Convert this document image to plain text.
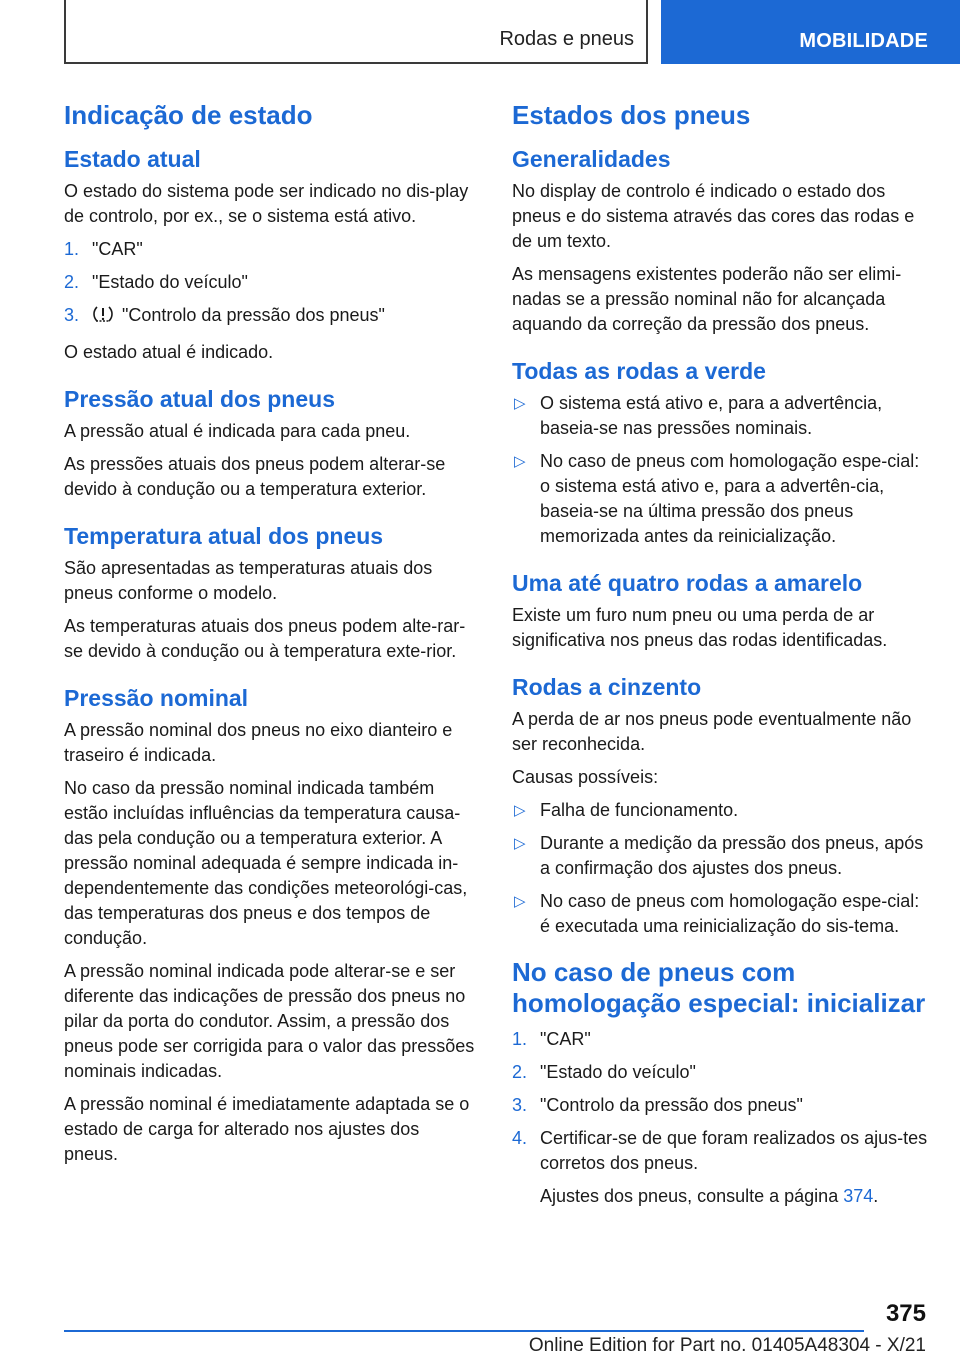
Rodas e pneus	MOBILIDADE
Indicação de estado
Estado atual

O estado do sistema pode ser indicado no dis-play de controlo, por ex., se o sistema está ativo.

1. "CAR"
2. "Estado do veículo"
3. "Controlo da pressão dos pneus"

O estado atual é indicado.

Pressão atual dos pneus

A pressão atual é indicada para cada pneu.

As pressões atuais dos pneus podem alterar-se devido à condução ou a temperatura exterior.

Temperatura atual dos pneus

São apresentadas as temperaturas atuais dos pneus conforme o modelo.

As temperaturas atuais dos pneus podem alte-rar-se devido à condução ou à temperatura exte-rior.

Pressão nominal

A pressão nominal dos pneus no eixo dianteiro e traseiro é indicada.

No caso da pressão nominal indicada também estão incluídas influências da temperatura causa-das pela condução ou a temperatura exterior. A pressão nominal adequada é sempre indicada in-dependentemente das condições meteorológi-cas, das temperaturas dos pneus e dos tempos de condução.

A pressão nominal indicada pode alterar-se e ser diferente das indicações de pressão dos pneus no pilar da porta do condutor. Assim, a pressão dos pneus pode ser corrigida para o valor das pressões nominais indicadas.

A pressão nominal é imediatamente adaptada se o estado de carga for alterado nos ajustes dos pneus.

Estados dos pneus
Generalidades

No display de controlo é indicado o estado dos pneus e do sistema através das cores das rodas e de um texto.

As mensagens existentes poderão não ser elimi-nadas se a pressão nominal não for alcançada aquando da correção da pressão dos pneus.

Todas as rodas a verde
▷ O sistema está ativo e, para a advertência, baseia-se nas pressões nominais.
▷ No caso de pneus com homologação espe-cial: o sistema está ativo e, para a advertên-cia, baseia-se na última pressão dos pneus memorizada antes da reinicialização.
Uma até quatro rodas a amarelo

Existe um furo num pneu ou uma perda de ar significativa nos pneus das rodas identificadas.

Rodas a cinzento

A perda de ar nos pneus pode eventualmente não ser reconhecida.

Causas possíveis:

▷ Falha de funcionamento.
▷ Durante a medição da pressão dos pneus, após a confirmação dos ajustes dos pneus.
▷ No caso de pneus com homologação espe-cial: é executada uma reinicialização do sis-tema.
No caso de pneus com homologação especial: inicializar
1. "CAR"
2. "Estado do veículo"
3. "Controlo da pressão dos pneus"
4. Certificar-se de que foram realizados os ajus-tes corretos dos pneus.
Ajustes dos pneus, consulte a página 374.
375
Online Edition for Part no. 01405A48304 - X/21
